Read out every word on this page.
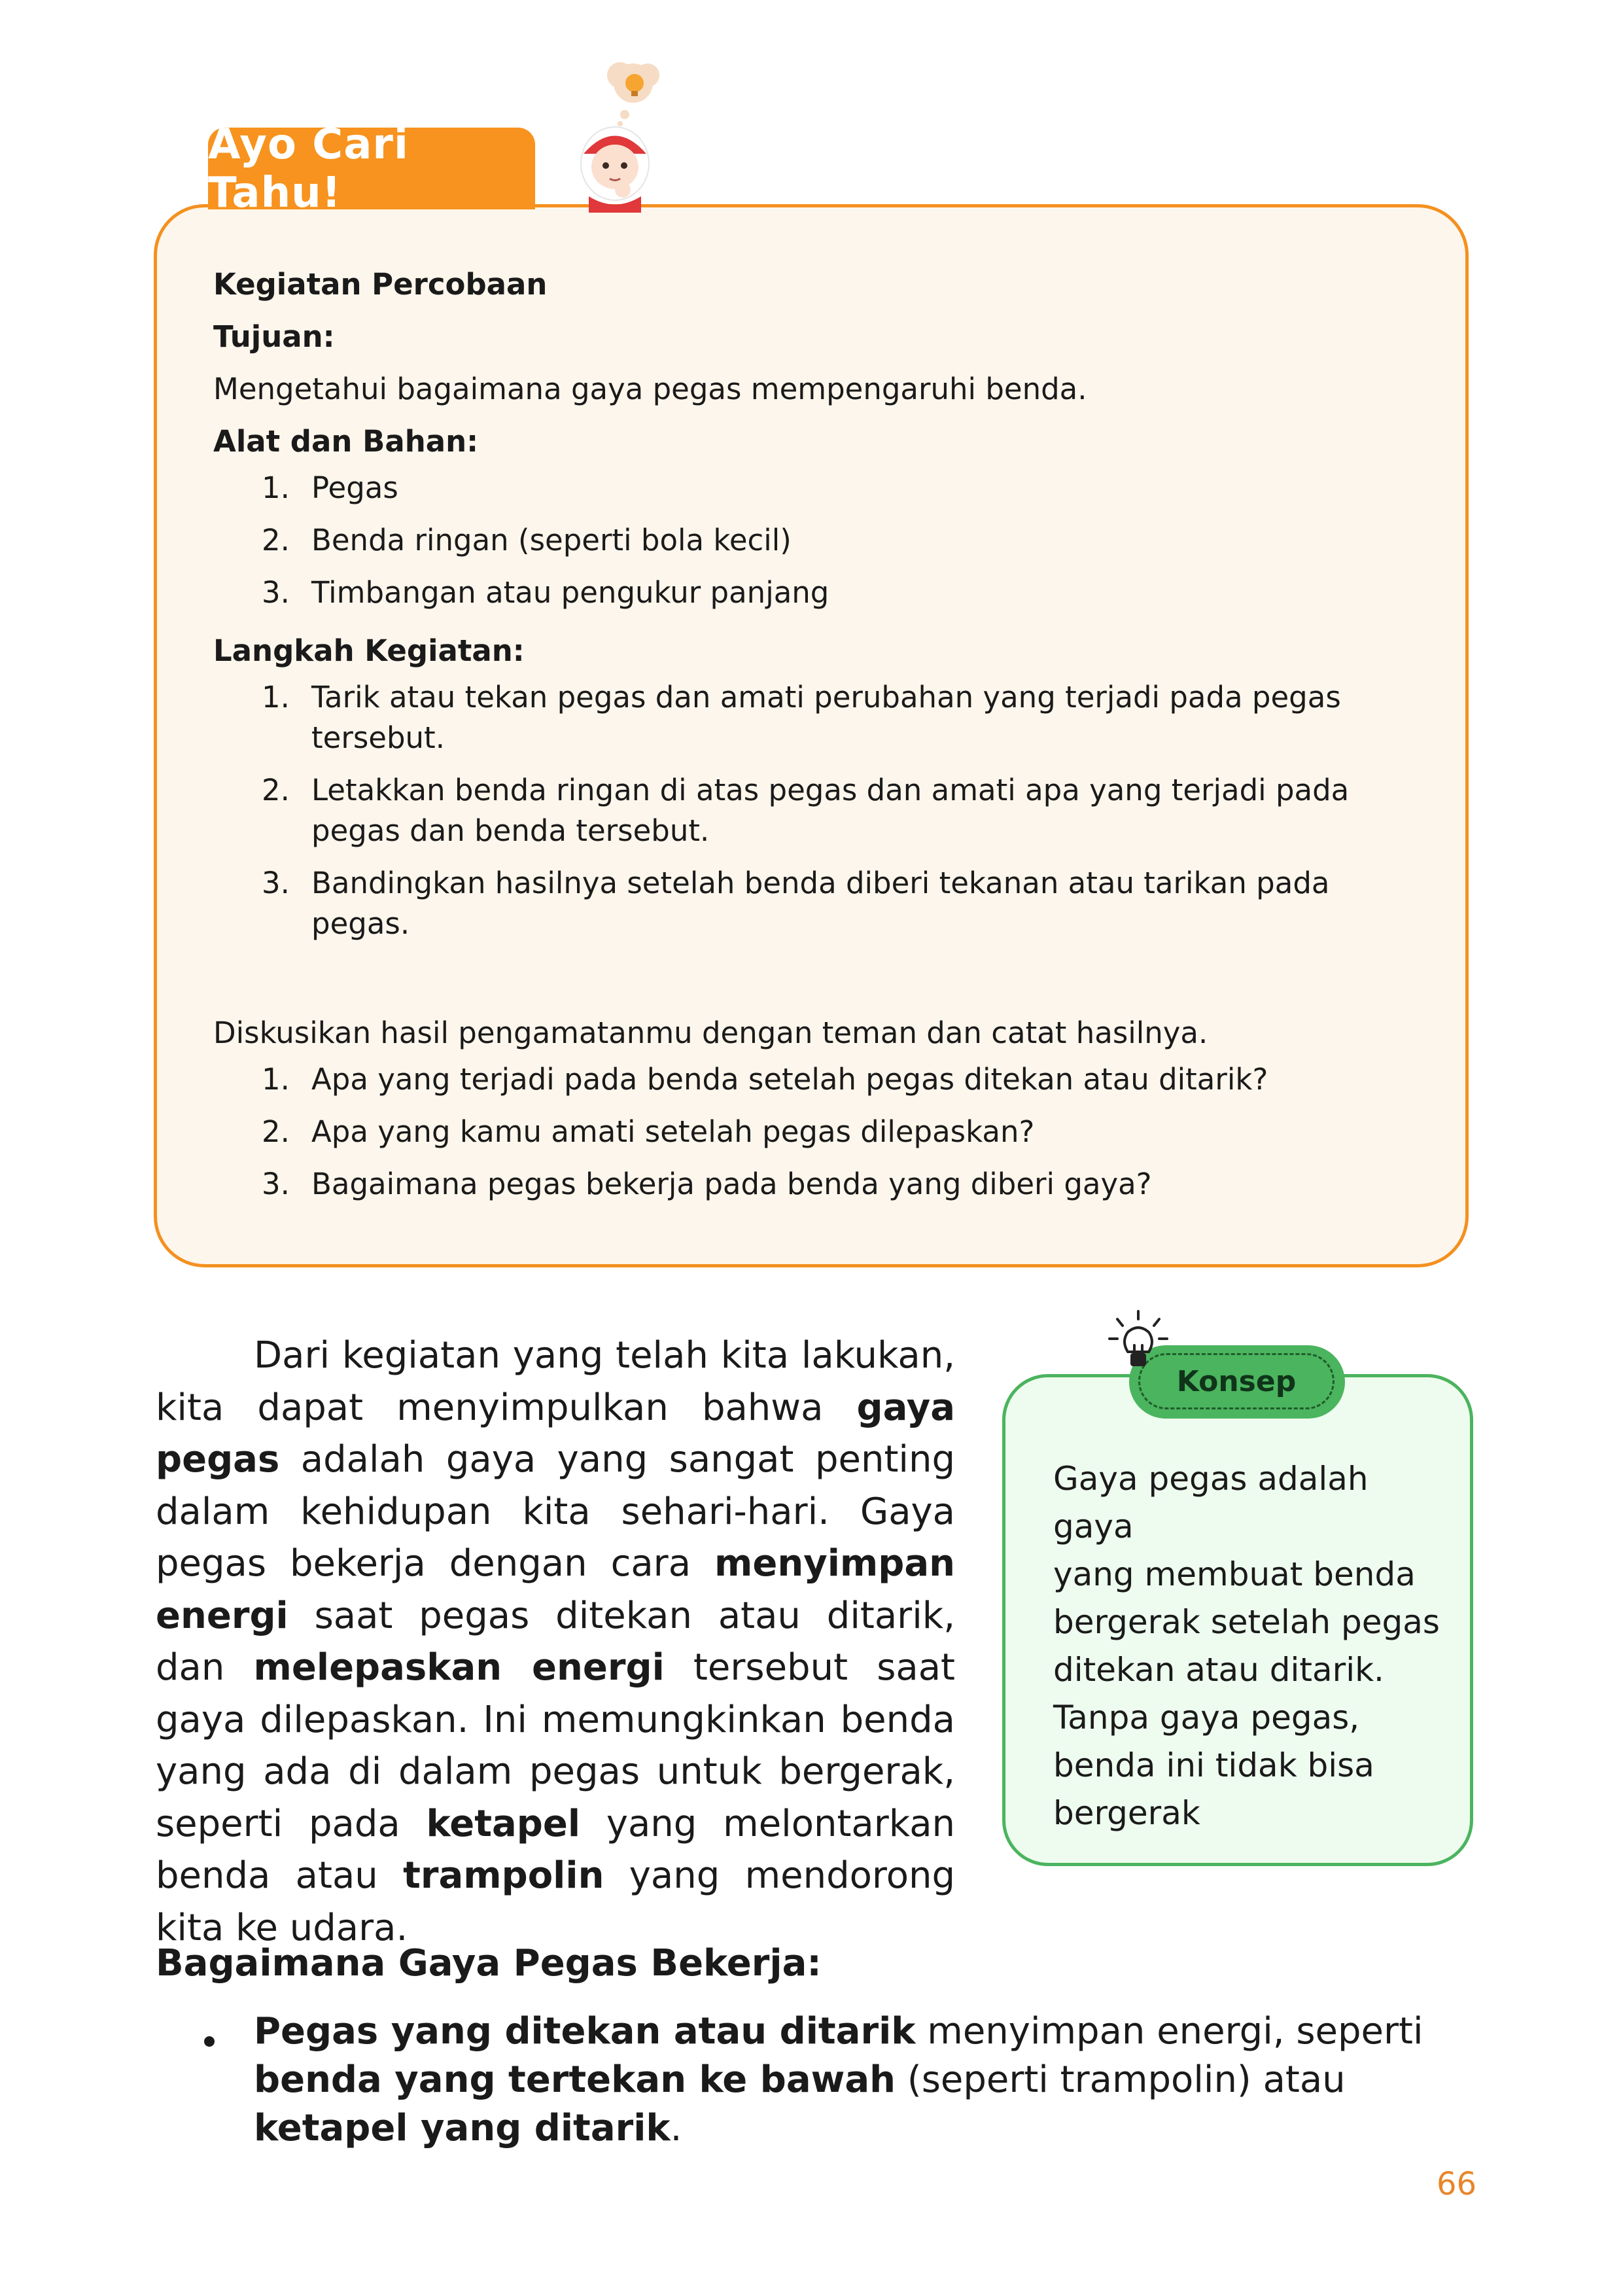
Ayo Cari Tahu!
Kegiatan Percobaan
Tujuan:
Mengetahui bagaimana gaya pegas mempengaruhi benda.
Alat dan Bahan:
1. Pegas
2. Benda ringan (seperti bola kecil)
3. Timbangan atau pengukur panjang
Langkah Kegiatan:
1. Tarik atau tekan pegas dan amati perubahan yang terjadi pada pegas tersebut.
2. Letakkan benda ringan di atas pegas dan amati apa yang terjadi pada pegas dan benda tersebut.
3. Bandingkan hasilnya setelah benda diberi tekanan atau tarikan pada pegas.
Diskusikan hasil pengamatanmu dengan teman dan catat hasilnya.
1. Apa yang terjadi pada benda setelah pegas ditekan atau ditarik?
2. Apa yang kamu amati setelah pegas dilepaskan?
3. Bagaimana pegas bekerja pada benda yang diberi gaya?
Dari kegiatan yang telah kita lakukan, kita dapat menyimpulkan bahwa gaya pegas adalah gaya yang sangat penting dalam kehidupan kita sehari-hari. Gaya pegas bekerja dengan cara menyimpan energi saat pegas ditekan atau ditarik, dan melepaskan energi tersebut saat gaya dilepaskan. Ini memungkinkan benda yang ada di dalam pegas untuk bergerak, seperti pada ketapel yang melontarkan benda atau trampolin yang mendorong kita ke udara.
Konsep
Gaya pegas adalah gaya
yang membuat benda
bergerak setelah pegas
ditekan atau ditarik.
Tanpa gaya pegas,
benda ini tidak bisa
bergerak
Bagaimana Gaya Pegas Bekerja:
Pegas yang ditekan atau ditarik menyimpan energi, seperti benda yang tertekan ke bawah (seperti trampolin) atau ketapel yang ditarik.
66
